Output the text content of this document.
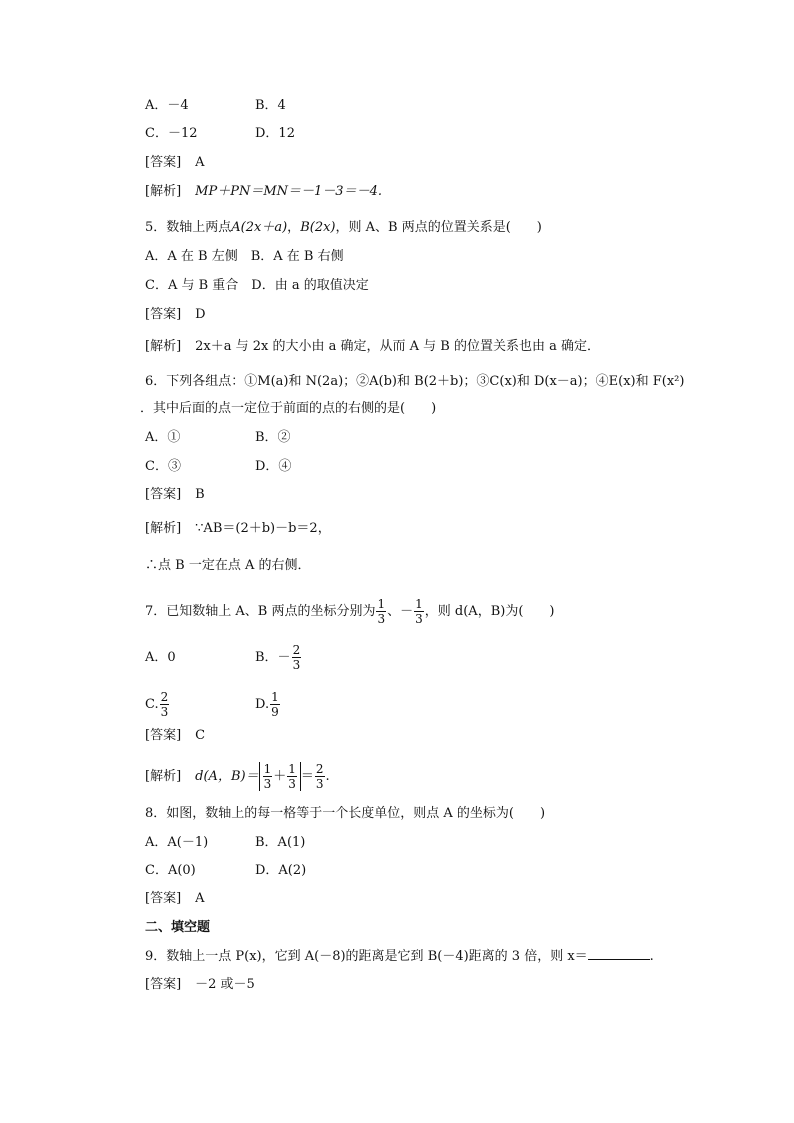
A．－4	B．4
C．－12	D．12
[答案] A
[解析] MP＋PN＝MN＝－1－3＝－4.
5．数轴上两点A(2x＋a)，B(2x)，则 A、B 两点的位置关系是(　　)
A．A 在 B 左侧　B．A 在 B 右侧
C．A 与 B 重合　D．由 a 的取值决定
[答案] D
[解析] 2x＋a 与 2x 的大小由 a 确定，从而 A 与 B 的位置关系也由 a 确定．
6．下列各组点：①M(a)和 N(2a)；②A(b)和 B(2＋b)；③C(x)和 D(x－a)；④E(x)和 F(x²)
．其中后面的点一定位于前面的点的右侧的是(　　)
A．①	B．②
C．③	D．④
[答案] B
[解析] ∵AB＝(2＋b)－b＝2，
∴点 B 一定在点 A 的右侧．
7．已知数轴上 A、B 两点的坐标分别为 $\frac{1}{3}$ 、－ $\frac{1}{3}$ ，则 d(A，B)为(　　)
A．0	B．－ $\frac{2}{3}$
C. $\frac{2}{3}$	D. $\frac{1}{9}$
[答案] C
[解析] d(A，$B)= \frac{1}{3} + \frac{1}{3} = \frac{2}{3}$ .
8．如图，数轴上的每一格等于一个长度单位，则点 A 的坐标为(　　)
A．A(－1)	B．A(1)
C．A(0)	D．A(2)
[答案] A
二、填空题
9．数轴上一点 P(x)，它到 A(－8)的距离是它到 B(－4)距离的 3 倍，则 x＝	.
[答案] －2 或－5
